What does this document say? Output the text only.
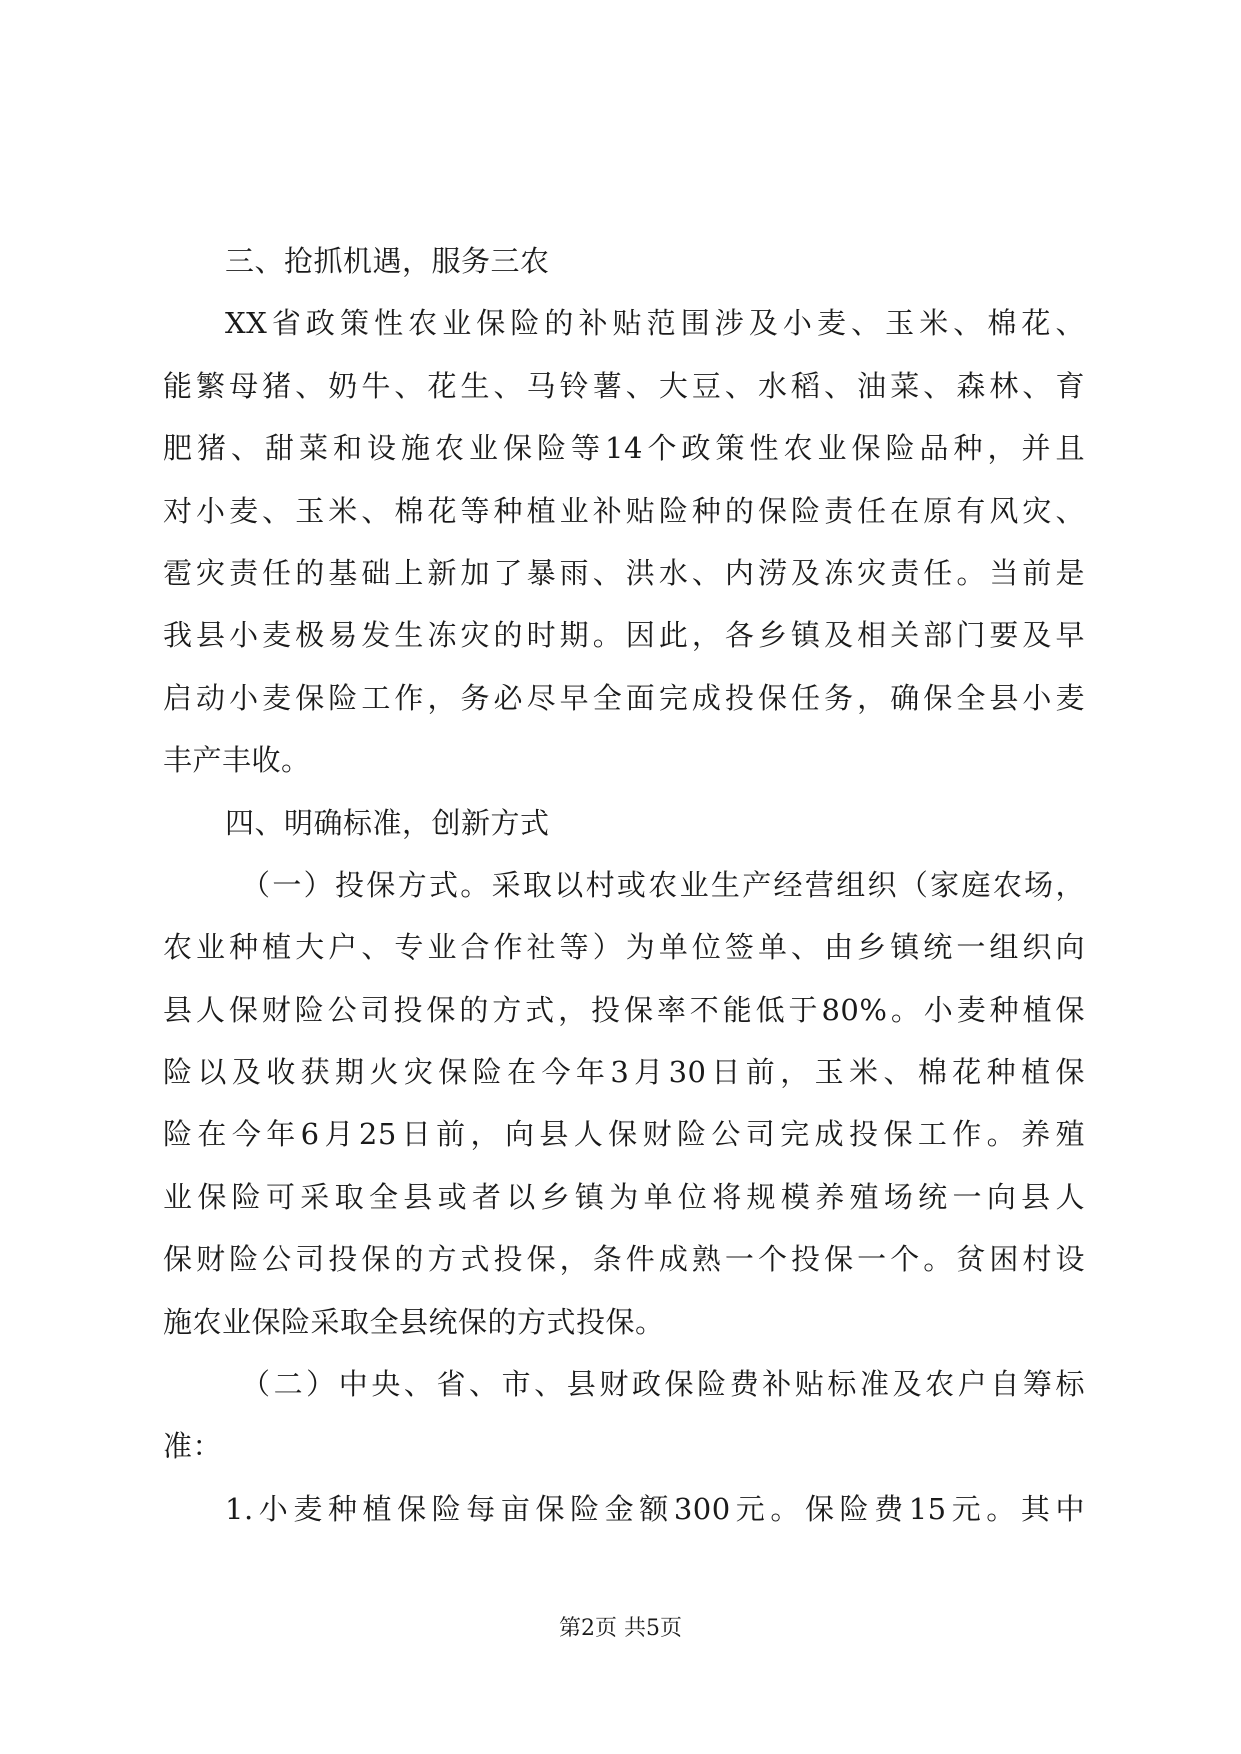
三、抢抓机遇，服务三农
XX省政策性农业保险的补贴范围涉及小麦、玉米、棉花、
能繁母猪、奶牛、花生、马铃薯、大豆、水稻、油菜、森林、育
肥猪、甜菜和设施农业保险等14个政策性农业保险品种，并且
对小麦、玉米、棉花等种植业补贴险种的保险责任在原有风灾、
雹灾责任的基础上新加了暴雨、洪水、内涝及冻灾责任。当前是
我县小麦极易发生冻灾的时期。因此，各乡镇及相关部门要及早
启动小麦保险工作，务必尽早全面完成投保任务，确保全县小麦
丰产丰收。
四、明确标准，创新方式
（一）投保方式。采取以村或农业生产经营组织（家庭农场，
农业种植大户、专业合作社等）为单位签单、由乡镇统一组织向
县人保财险公司投保的方式，投保率不能低于80%。小麦种植保
险以及收获期火灾保险在今年3月30日前，玉米、棉花种植保
险在今年6月25日前，向县人保财险公司完成投保工作。养殖
业保险可采取全县或者以乡镇为单位将规模养殖场统一向县人
保财险公司投保的方式投保，条件成熟一个投保一个。贫困村设
施农业保险采取全县统保的方式投保。
（二）中央、省、市、县财政保险费补贴标准及农户自筹标
准：
1.小麦种植保险每亩保险金额300元。保险费15元。其中
第2页 共5页
